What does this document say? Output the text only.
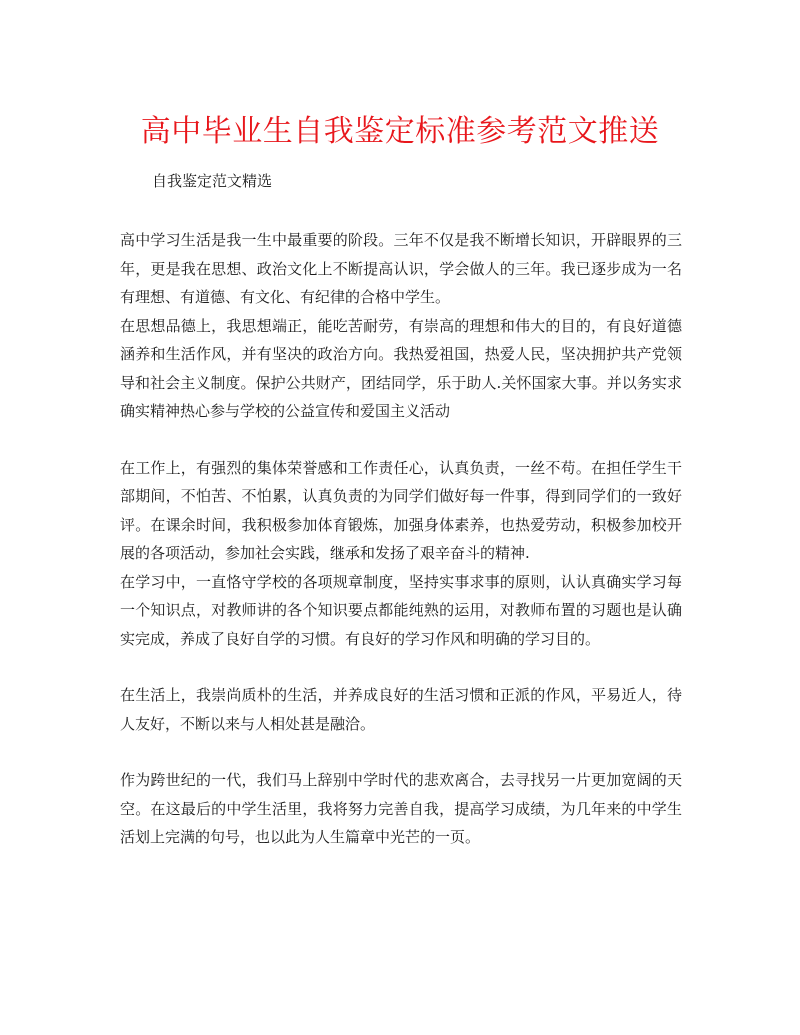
高中毕业生自我鉴定标准参考范文推送

自我鉴定范文精选

高中学习生活是我一生中最重要的阶段。三年不仅是我不断增长知识，开辟眼界的三年，更是我在思想、政治文化上不断提高认识，学会做人的三年。我已逐步成为一名有理想、有道德、有文化、有纪律的合格中学生。

在思想品德上，我思想端正，能吃苦耐劳，有崇高的理想和伟大的目的，有良好道德涵养和生活作风，并有坚决的政治方向。我热爱祖国，热爱人民，坚决拥护共产党领导和社会主义制度。保护公共财产，团结同学，乐于助人.关怀国家大事。并以务实求确实精神热心参与学校的公益宣传和爱国主义活动

在工作上，有强烈的集体荣誉感和工作责任心，认真负责，一丝不苟。在担任学生干部期间，不怕苦、不怕累，认真负责的为同学们做好每一件事，得到同学们的一致好评。在课余时间，我积极参加体育锻炼，加强身体素养，也热爱劳动，积极参加校开展的各项活动，参加社会实践，继承和发扬了艰辛奋斗的精神.

在学习中，一直恪守学校的各项规章制度，坚持实事求事的原则，认认真确实学习每一个知识点，对教师讲的各个知识要点都能纯熟的运用，对教师布置的习题也是认确实完成，养成了良好自学的习惯。有良好的学习作风和明确的学习目的。

在生活上，我崇尚质朴的生活，并养成良好的生活习惯和正派的作风，平易近人，待人友好，不断以来与人相处甚是融洽。

作为跨世纪的一代，我们马上辞别中学时代的悲欢离合，去寻找另一片更加宽阔的天空。在这最后的中学生活里，我将努力完善自我，提高学习成绩，为几年来的中学生活划上完满的句号，也以此为人生篇章中光芒的一页。
